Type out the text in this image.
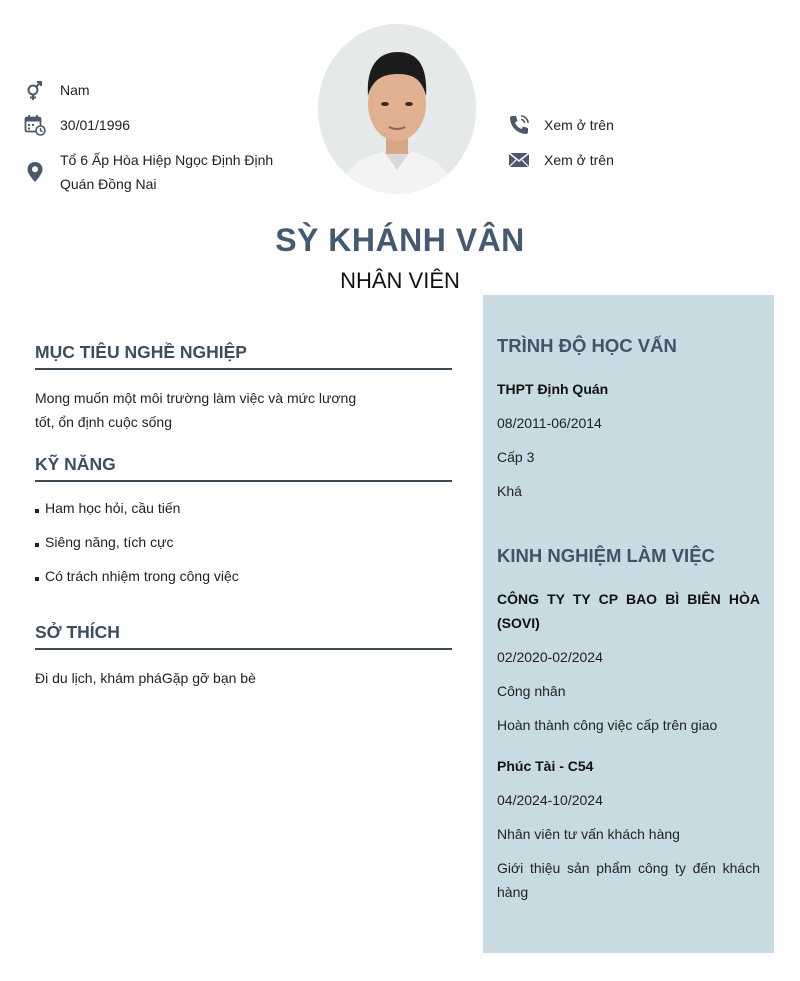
Nam
30/01/1996
Tổ 6 Ấp Hòa Hiệp Ngọc Định Định
Quán Đồng Nai
Xem ở trên
Xem ở trên
SỲ KHÁNH VÂN
NHÂN VIÊN
MỤC TIÊU NGHỀ NGHIỆP
Mong muốn một môi trường làm việc và mức lương
tốt, ổn định cuộc sống
KỸ NĂNG
Ham học hỏi, cầu tiến
Siêng năng, tích cực
Có trách nhiệm trong công việc
SỞ THÍCH
Đi du lịch, khám pháGặp gỡ bạn bè
TRÌNH ĐỘ HỌC VẤN
THPT Định Quán
08/2011-06/2014
Cấp 3
Khá
KINH NGHIỆM LÀM VIỆC
CÔNG TY TY CP BAO BÌ BIÊN HÒA (SOVI)
02/2020-02/2024
Công nhân
Hoàn thành công việc cấp trên giao
Phúc Tài - C54
04/2024-10/2024
Nhân viên tư vấn khách hàng
Giới thiệu sản phẩm công ty đến khách hàng
